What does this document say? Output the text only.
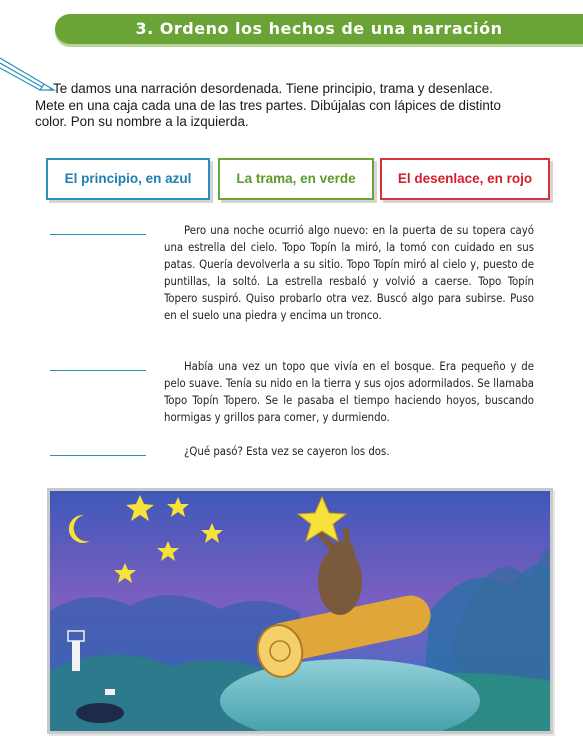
3. Ordeno los hechos de una narración
Te damos una narración desordenada. Tiene principio, trama y desenlace.
Mete en una caja cada una de las tres partes. Dibújalas con lápices de distinto
color. Pon su nombre a la izquierda.
El principio, en azul	La trama, en verde	El desenlace, en rojo
Pero una noche ocurrió algo nuevo: en la puerta de su topera cayó una estrella del cielo. Topo Topín la miró, la tomó con cuidado en sus patas. Quería devolverla a su sitio. Topo Topín miró al cielo y, puesto de puntillas, la soltó. La estrella resbaló y volvió a caerse. Topo Topín Topero suspiró. Quiso probarlo otra vez. Buscó algo para subirse. Puso en el suelo una piedra y encima un tronco.
Había una vez un topo que vivía en el bosque. Era pequeño y de pelo suave. Tenía su nido en la tierra y sus ojos adormilados. Se llamaba Topo Topín Topero. Se le pasaba el tiempo haciendo hoyos, buscando hormigas y grillos para comer, y durmiendo.
¿Qué pasó? Esta vez se cayeron los dos.
